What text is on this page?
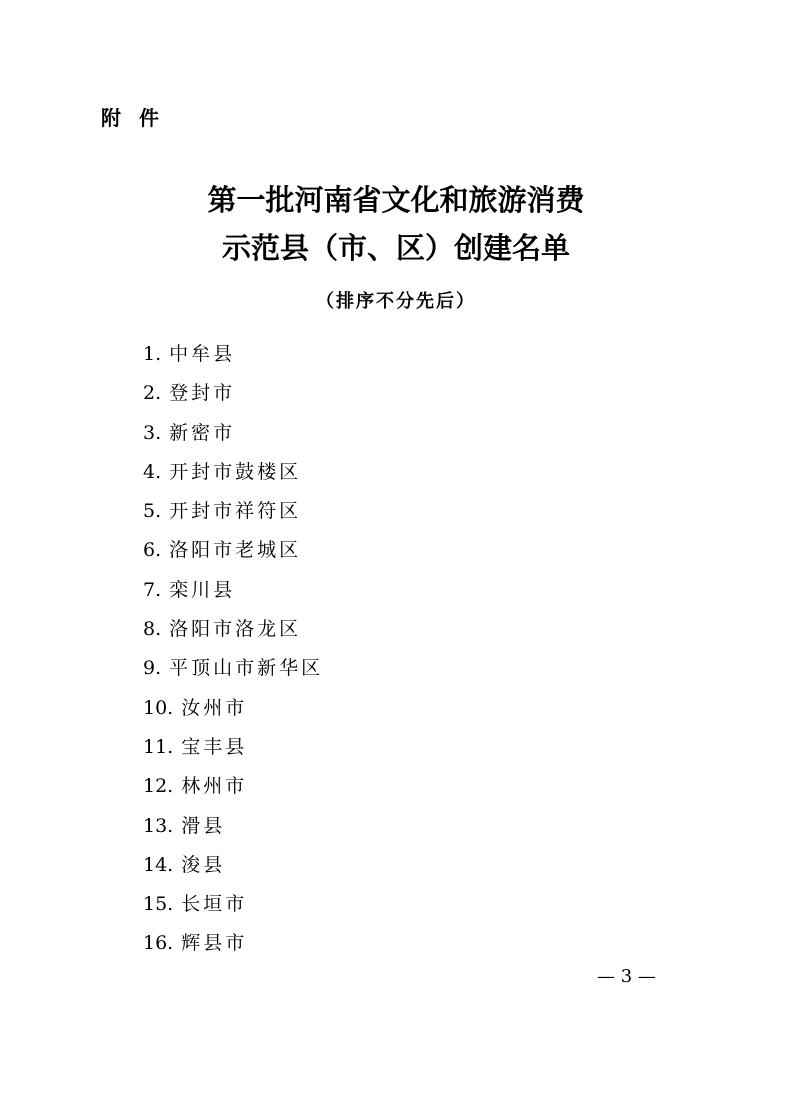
附件
第一批河南省文化和旅游消费
示范县（市、区）创建名单
（排序不分先后）
1. 中牟县
2. 登封市
3. 新密市
4. 开封市鼓楼区
5. 开封市祥符区
6. 洛阳市老城区
7. 栾川县
8. 洛阳市洛龙区
9. 平顶山市新华区
10. 汝州市
11. 宝丰县
12. 林州市
13. 滑县
14. 浚县
15. 长垣市
16. 辉县市
— 3 —
